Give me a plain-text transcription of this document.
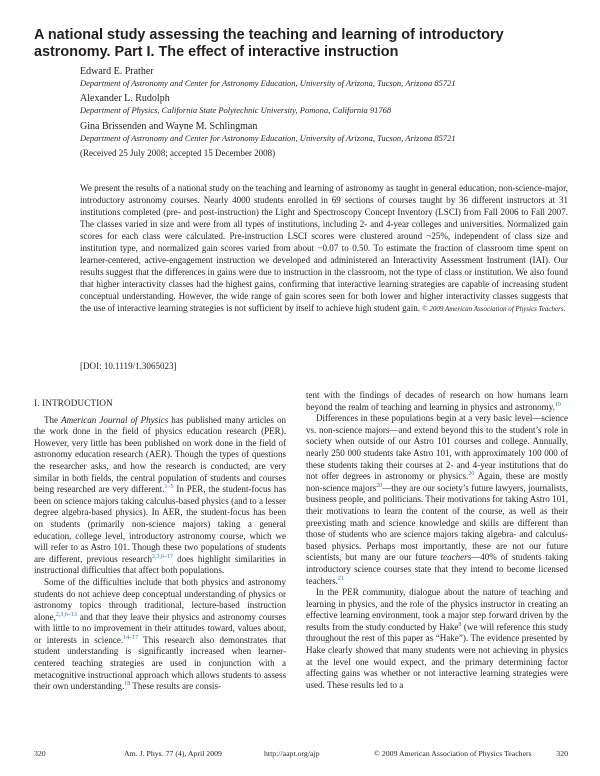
A national study assessing the teaching and learning of introductory astronomy. Part I. The effect of interactive instruction
Edward E. Prather
Department of Astronomy and Center for Astronomy Education, University of Arizona, Tucson, Arizona 85721
Alexander L. Rudolph
Department of Physics, California State Polytechnic University, Pomona, California 91768
Gina Brissenden and Wayne M. Schlingman
Department of Astronomy and Center for Astronomy Education, University of Arizona, Tucson, Arizona 85721
(Received 25 July 2008; accepted 15 December 2008)

We present the results of a national study on the teaching and learning of astronomy as taught in general education, non-science-major, introductory astronomy courses. Nearly 4000 students enrolled in 69 sections of courses taught by 36 different instructors at 31 institutions completed (pre- and post-instruction) the Light and Spectroscopy Concept Inventory (LSCI) from Fall 2006 to Fall 2007. The classes varied in size and were from all types of institutions, including 2- and 4-year colleges and universities. Normalized gain scores for each class were calculated. Pre-instruction LSCI scores were clustered around ~25%, independent of class size and institution type, and normalized gain scores varied from about −0.07 to 0.50. To estimate the fraction of classroom time spent on learner-centered, active-engagement instruction we developed and administered an Interactivity Assessment Instrument (IAI). Our results suggest that the differences in gains were due to instruction in the classroom, not the type of class or institution. We also found that higher interactivity classes had the highest gains, confirming that interactive learning strategies are capable of increasing student conceptual understanding. However, the wide range of gain scores seen for both lower and higher interactivity classes suggests that the use of interactive learning strategies is not sufficient by itself to achieve high student gain. © 2009 American Association of Physics Teachers.

[DOI: 10.1119/1.3065023]
I. INTRODUCTION

The American Journal of Physics has published many articles on the work done in the field of physics education research (PER). However, very little has been published on work done in the field of astronomy education research (AER). Though the types of questions the researcher asks, and how the research is conducted, are very similar in both fields, the central population of students and courses being researched are very different.$^{1-5}$ In PER, the student-focus has been on science majors taking calculus-based physics (and to a lesser degree algebra-based physics). In AER, the student-focus has been on students (primarily non-science majors) taking a general education, college level, introductory astronomy course, which we will refer to as Astro 101. Though these two populations of students are different, previous research$^{2,3,6-17}$ does highlight similarities in instructional difficulties that affect both populations.

Some of the difficulties include that both physics and astronomy students do not achieve deep conceptual understanding of physics or astronomy topics through traditional, lecture-based instruction alone,$^{2,3,6-13}$ and that they leave their physics and astronomy courses with little to no improvement in their attitudes toward, values about, or interests in science.$^{14-17}$ This research also demonstrates that student understanding is significantly increased when learner-centered teaching strategies are used in conjunction with a metacognitive instructional approach which allows students to assess their own understanding.$^{18}$ These results are consis-

tent with the findings of decades of research on how humans learn beyond the realm of teaching and learning in physics and astronomy.$^{19}$

Differences in these populations begin at a very basic level—science vs. non-science majors—and extend beyond this to the student’s role in society when outside of our Astro 101 courses and college. Annually, nearly 250 000 students take Astro 101, with approximately 100 000 of these students taking their courses at 2- and 4-year institutions that do not offer degrees in astronomy or physics.$^{20}$ Again, these are mostly non-science majors$^{20}$—they are our society’s future lawyers, journalists, business people, and politicians. Their motivations for taking Astro 101, their motivations to learn the content of the course, as well as their preexisting math and science knowledge and skills are different than those of students who are science majors taking algebra- and calculus-based physics. Perhaps most importantly, these are not our future scientists, but many are our future teachers—40% of students taking introductory science courses state that they intend to become licensed teachers.$^{21}$

In the PER community, dialogue about the nature of teaching and learning in physics, and the role of the physics instructor in creating an effective learning environment, took a major step forward driven by the results from the study conducted by Hake$^8$ (we will reference this study throughout the rest of this paper as “Hake”). The evidence presented by Hake clearly showed that many students were not achieving in physics at the level one would expect, and the primary determining factor affecting gains was whether or not interactive learning strategies were used. These results led to a

320	Am. J. Phys. 77 (4), April 2009	http://aapt.org/ajp	© 2009 American Association of Physics Teachers	320
